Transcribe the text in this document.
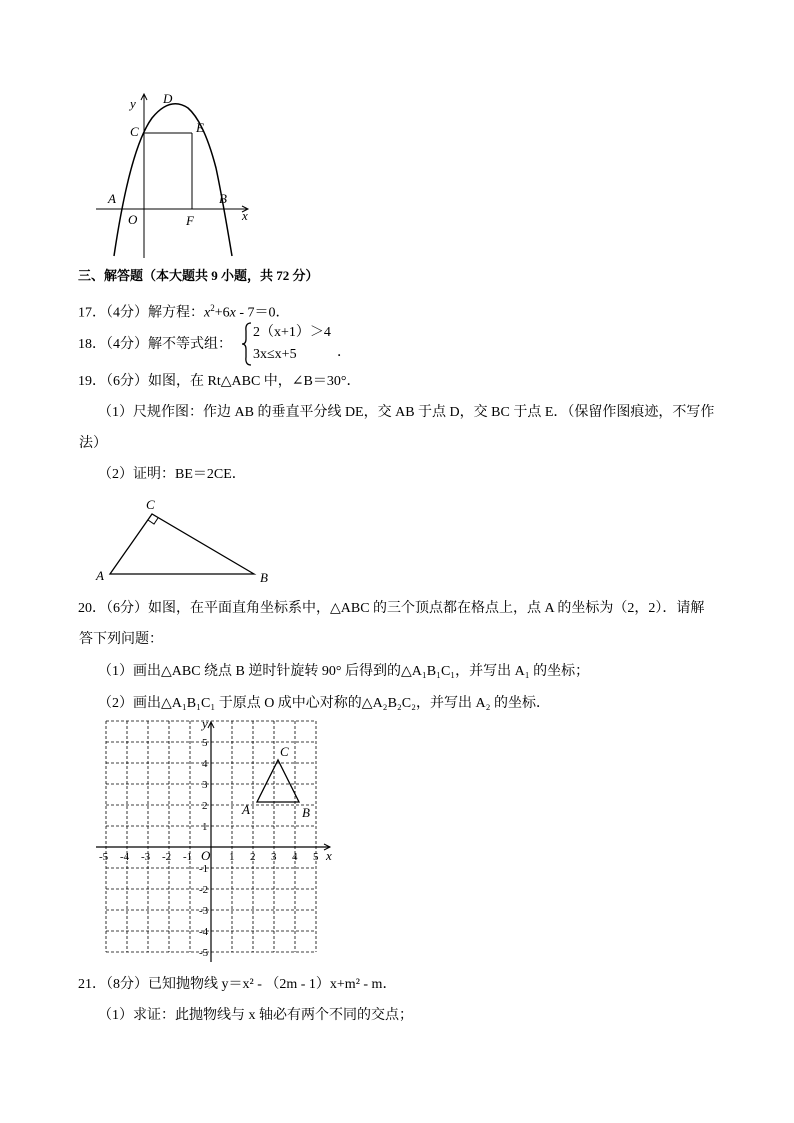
y D
C	E
A	B
O	F	x
三、解答题（本大题共 9 小题，共 72 分）
17．（4分）解方程：$x^2+6x - 7=0$．
18．（4分）解不等式组：
2（x+1）＞4
3x≤x+5	．
19．（6分）如图，在 Rt△ABC 中，∠B＝30°．
（1）尺规作图：作边 AB 的垂直平分线 DE，交 AB 于点 D，交 BC 于点 E．（保留作图痕迹，不写作
法）
（2）证明：BE＝2CE．
C
A	B
20．（6分）如图，在平面直角坐标系中，△ABC 的三个顶点都在格点上，点 A 的坐标为（2，2）．请解
答下列问题：
（1）画出△ABC 绕点 B 逆时针旋转 90° 后得到的△A₁B₁C₁，并写出 A₁ 的坐标；
（2）画出△A₁B₁C₁ 于原点 O 成中心对称的△A₂B₂C₂，并写出 A₂ 的坐标．
-5 -4 -3 -2 -1	1 2 3 4 5
5
4
3
2
1
-1
-2
-3
-4
-5
y
x
O
C
A	B
21．（8分）已知抛物线 y＝x² - （2m - 1）x+m² - m．
（1）求证：此抛物线与 x 轴必有两个不同的交点；
